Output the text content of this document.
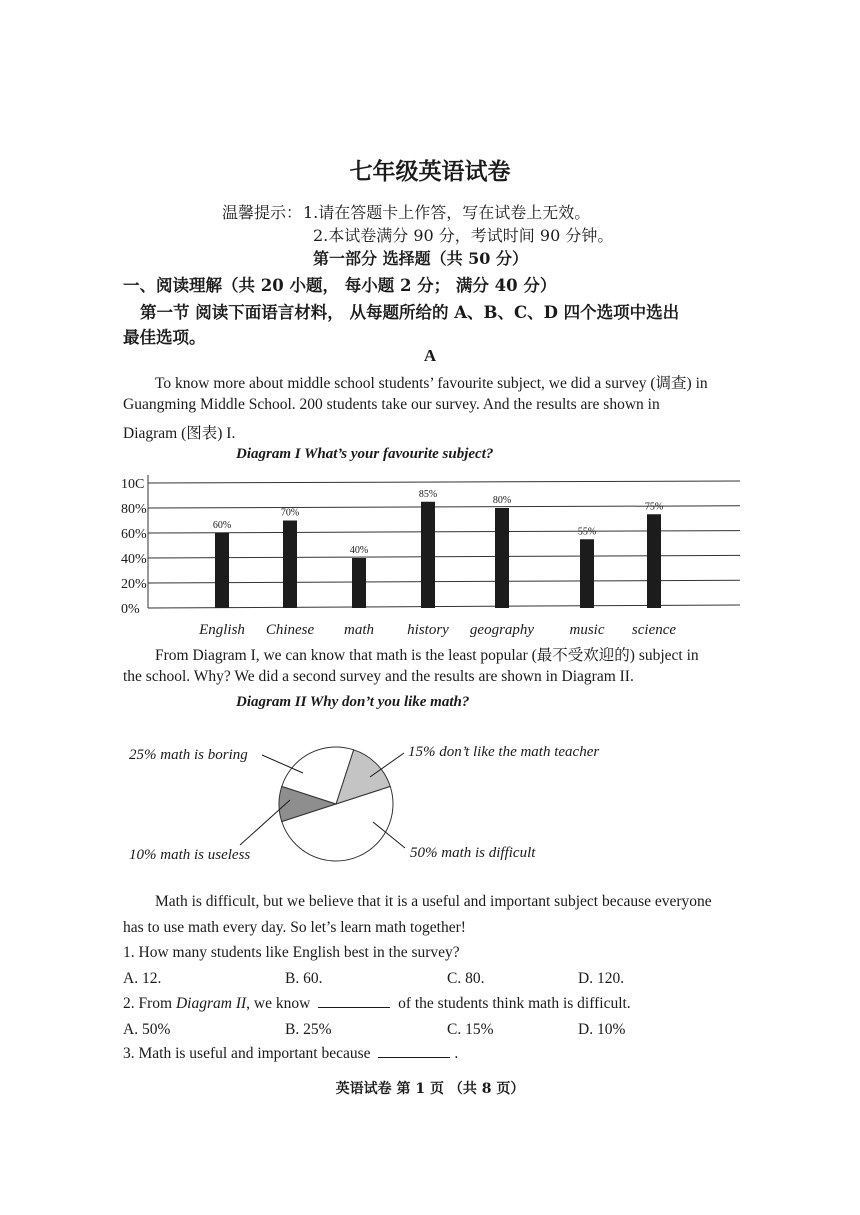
七年级英语试卷
温馨提示： 1.请在答题卡上作答，写在试卷上无效。
2.本试卷满分 90 分，考试时间 90 分钟。
第一部分 选择题（共 50 分）
一、阅读理解（共 20 小题， 每小题 2 分； 满分 40 分）
第一节 阅读下面语言材料， 从每题所给的 A、B、C、D 四个选项中选出
最佳选项。
A
To know more about middle school students’ favourite subject, we did a survey (调查) in
Guangming Middle School. 200 students take our survey. And the results are shown in
Diagram (图表) I.
Diagram I What’s your favourite subject?
0%
20%
40%
60%
80%
10C
60%
English
70%
Chinese
40%
math
85%
history
80%
geography
55%
music
75%
science
From Diagram I, we can know that math is the least popular (最不受欢迎的) subject in
the school. Why? We did a second survey and the results are shown in Diagram II.
Diagram II Why don’t you like math?
25% math is boring	15% don’t like the math teacher
50% math is difficult
10% math is useless
Math is difficult, but we believe that it is a useful and important subject because everyone
has to use math every day. So let’s learn math together!
1. How many students like English best in the survey?
A. 12.	B. 60.	C. 80.	D. 120.
2. From Diagram II, we know	of the students think math is difficult.
A. 50%	B. 25%	C. 15%	D. 10%
3. Math is useful and important because	.
英语试卷 第 1 页 （共 8 页）
